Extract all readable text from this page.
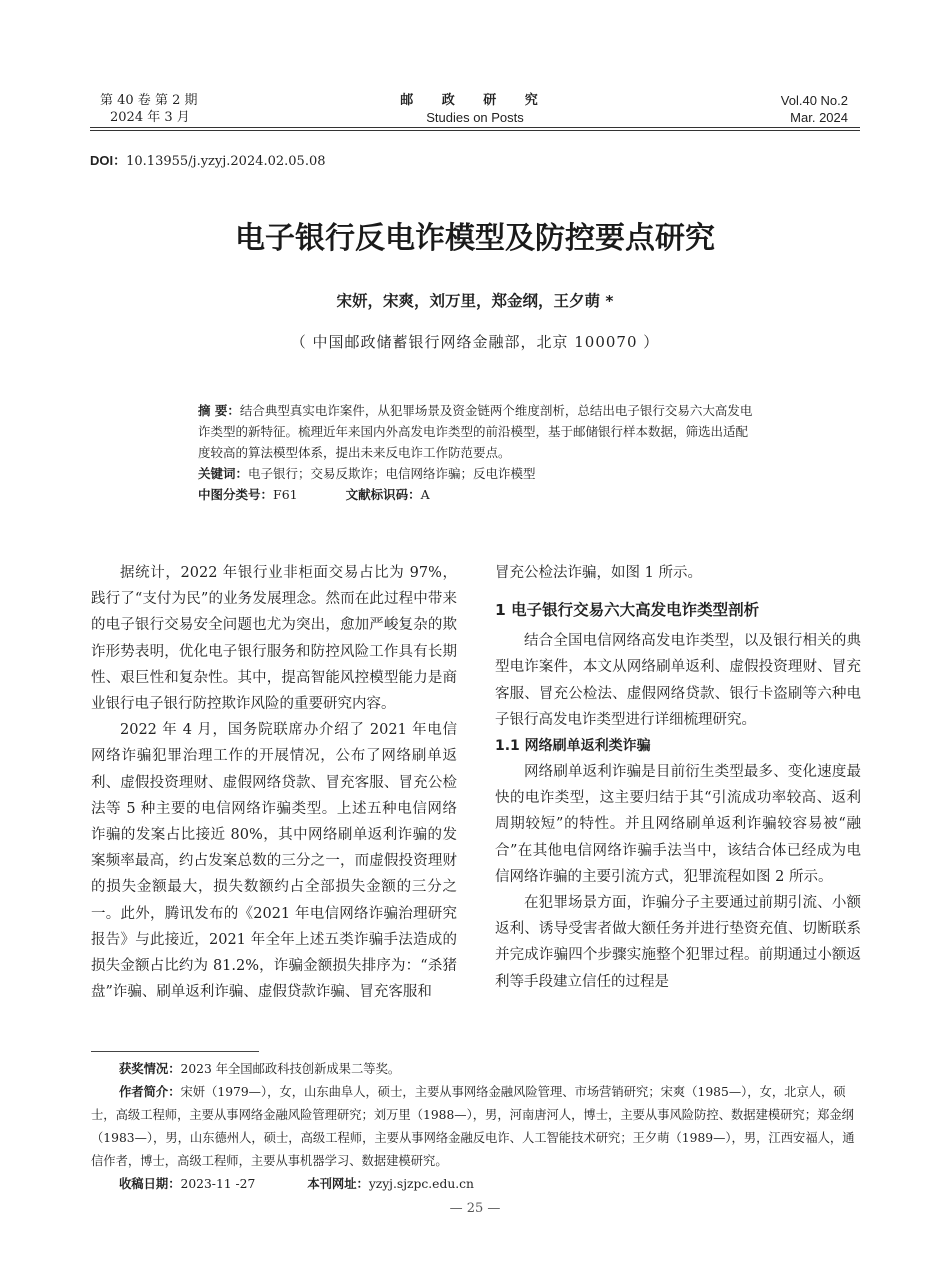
第 40 卷 第 2 期
2024 年 3 月
邮 政 研 究
Studies on Posts
Vol.40 No.2
Mar. 2024
DOI：10.13955/j.yzyj.2024.02.05.08
电子银行反电诈模型及防控要点研究
宋妍，宋爽，刘万里，郑金纲，王夕萌 *
（ 中国邮政储蓄银行网络金融部，北京 100070 ）

摘 要：结合典型真实电诈案件，从犯罪场景及资金链两个维度剖析，总结出电子银行交易六大高发电诈类型的新特征。梳理近年来国内外高发电诈类型的前沿模型，基于邮储银行样本数据，筛选出适配度较高的算法模型体系，提出未来反电诈工作防范要点。

关键词：电子银行；交易反欺诈；电信网络诈骗；反电诈模型

中图分类号：F61	文献标识码：A

据统计，2022 年银行业非柜面交易占比为 97%，践行了“支付为民”的业务发展理念。然而在此过程中带来的电子银行交易安全问题也尤为突出，愈加严峻复杂的欺诈形势表明，优化电子银行服务和防控风险工作具有长期性、艰巨性和复杂性。其中，提高智能风控模型能力是商业银行电子银行防控欺诈风险的重要研究内容。

2022 年 4 月，国务院联席办介绍了 2021 年电信网络诈骗犯罪治理工作的开展情况，公布了网络刷单返利、虚假投资理财、虚假网络贷款、冒充客服、冒充公检法等 5 种主要的电信网络诈骗类型。上述五种电信网络诈骗的发案占比接近 80%，其中网络刷单返利诈骗的发案频率最高，约占发案总数的三分之一，而虚假投资理财的损失金额最大，损失数额约占全部损失金额的三分之一。此外，腾讯发布的《2021 年电信网络诈骗治理研究报告》与此接近，2021 年全年上述五类诈骗手法造成的损失金额占比约为 81.2%，诈骗金额损失排序为：“杀猪盘”诈骗、刷单返利诈骗、虚假贷款诈骗、冒充客服和

冒充公检法诈骗，如图 1 所示。

1 电子银行交易六大高发电诈类型剖析

结合全国电信网络高发电诈类型，以及银行相关的典型电诈案件，本文从网络刷单返利、虚假投资理财、冒充客服、冒充公检法、虚假网络贷款、银行卡盗刷等六种电子银行高发电诈类型进行详细梳理研究。

1.1 网络刷单返利类诈骗

网络刷单返利诈骗是目前衍生类型最多、变化速度最快的电诈类型，这主要归结于其“引流成功率较高、返利周期较短”的特性。并且网络刷单返利诈骗较容易被“融合”在其他电信网络诈骗手法当中，该结合体已经成为电信网络诈骗的主要引流方式，犯罪流程如图 2 所示。

在犯罪场景方面，诈骗分子主要通过前期引流、小额返利、诱导受害者做大额任务并进行垫资充值、切断联系并完成诈骗四个步骤实施整个犯罪过程。前期通过小额返利等手段建立信任的过程是

获奖情况：2023 年全国邮政科技创新成果二等奖。

作者简介：宋妍（1979—），女，山东曲阜人，硕士，主要从事网络金融风险管理、市场营销研究；宋爽（1985—），女，北京人，硕士，高级工程师，主要从事网络金融风险管理研究；刘万里（1988—），男，河南唐河人，博士，主要从事风险防控、数据建模研究；郑金纲（1983—），男，山东德州人，硕士，高级工程师，主要从事网络金融反电诈、人工智能技术研究；王夕萌（1989—），男，江西安福人，通信作者，博士，高级工程师，主要从事机器学习、数据建模研究。

收稿日期：2023-11 -27	本刊网址：yzyj.sjzpc.edu.cn

— 25 —
